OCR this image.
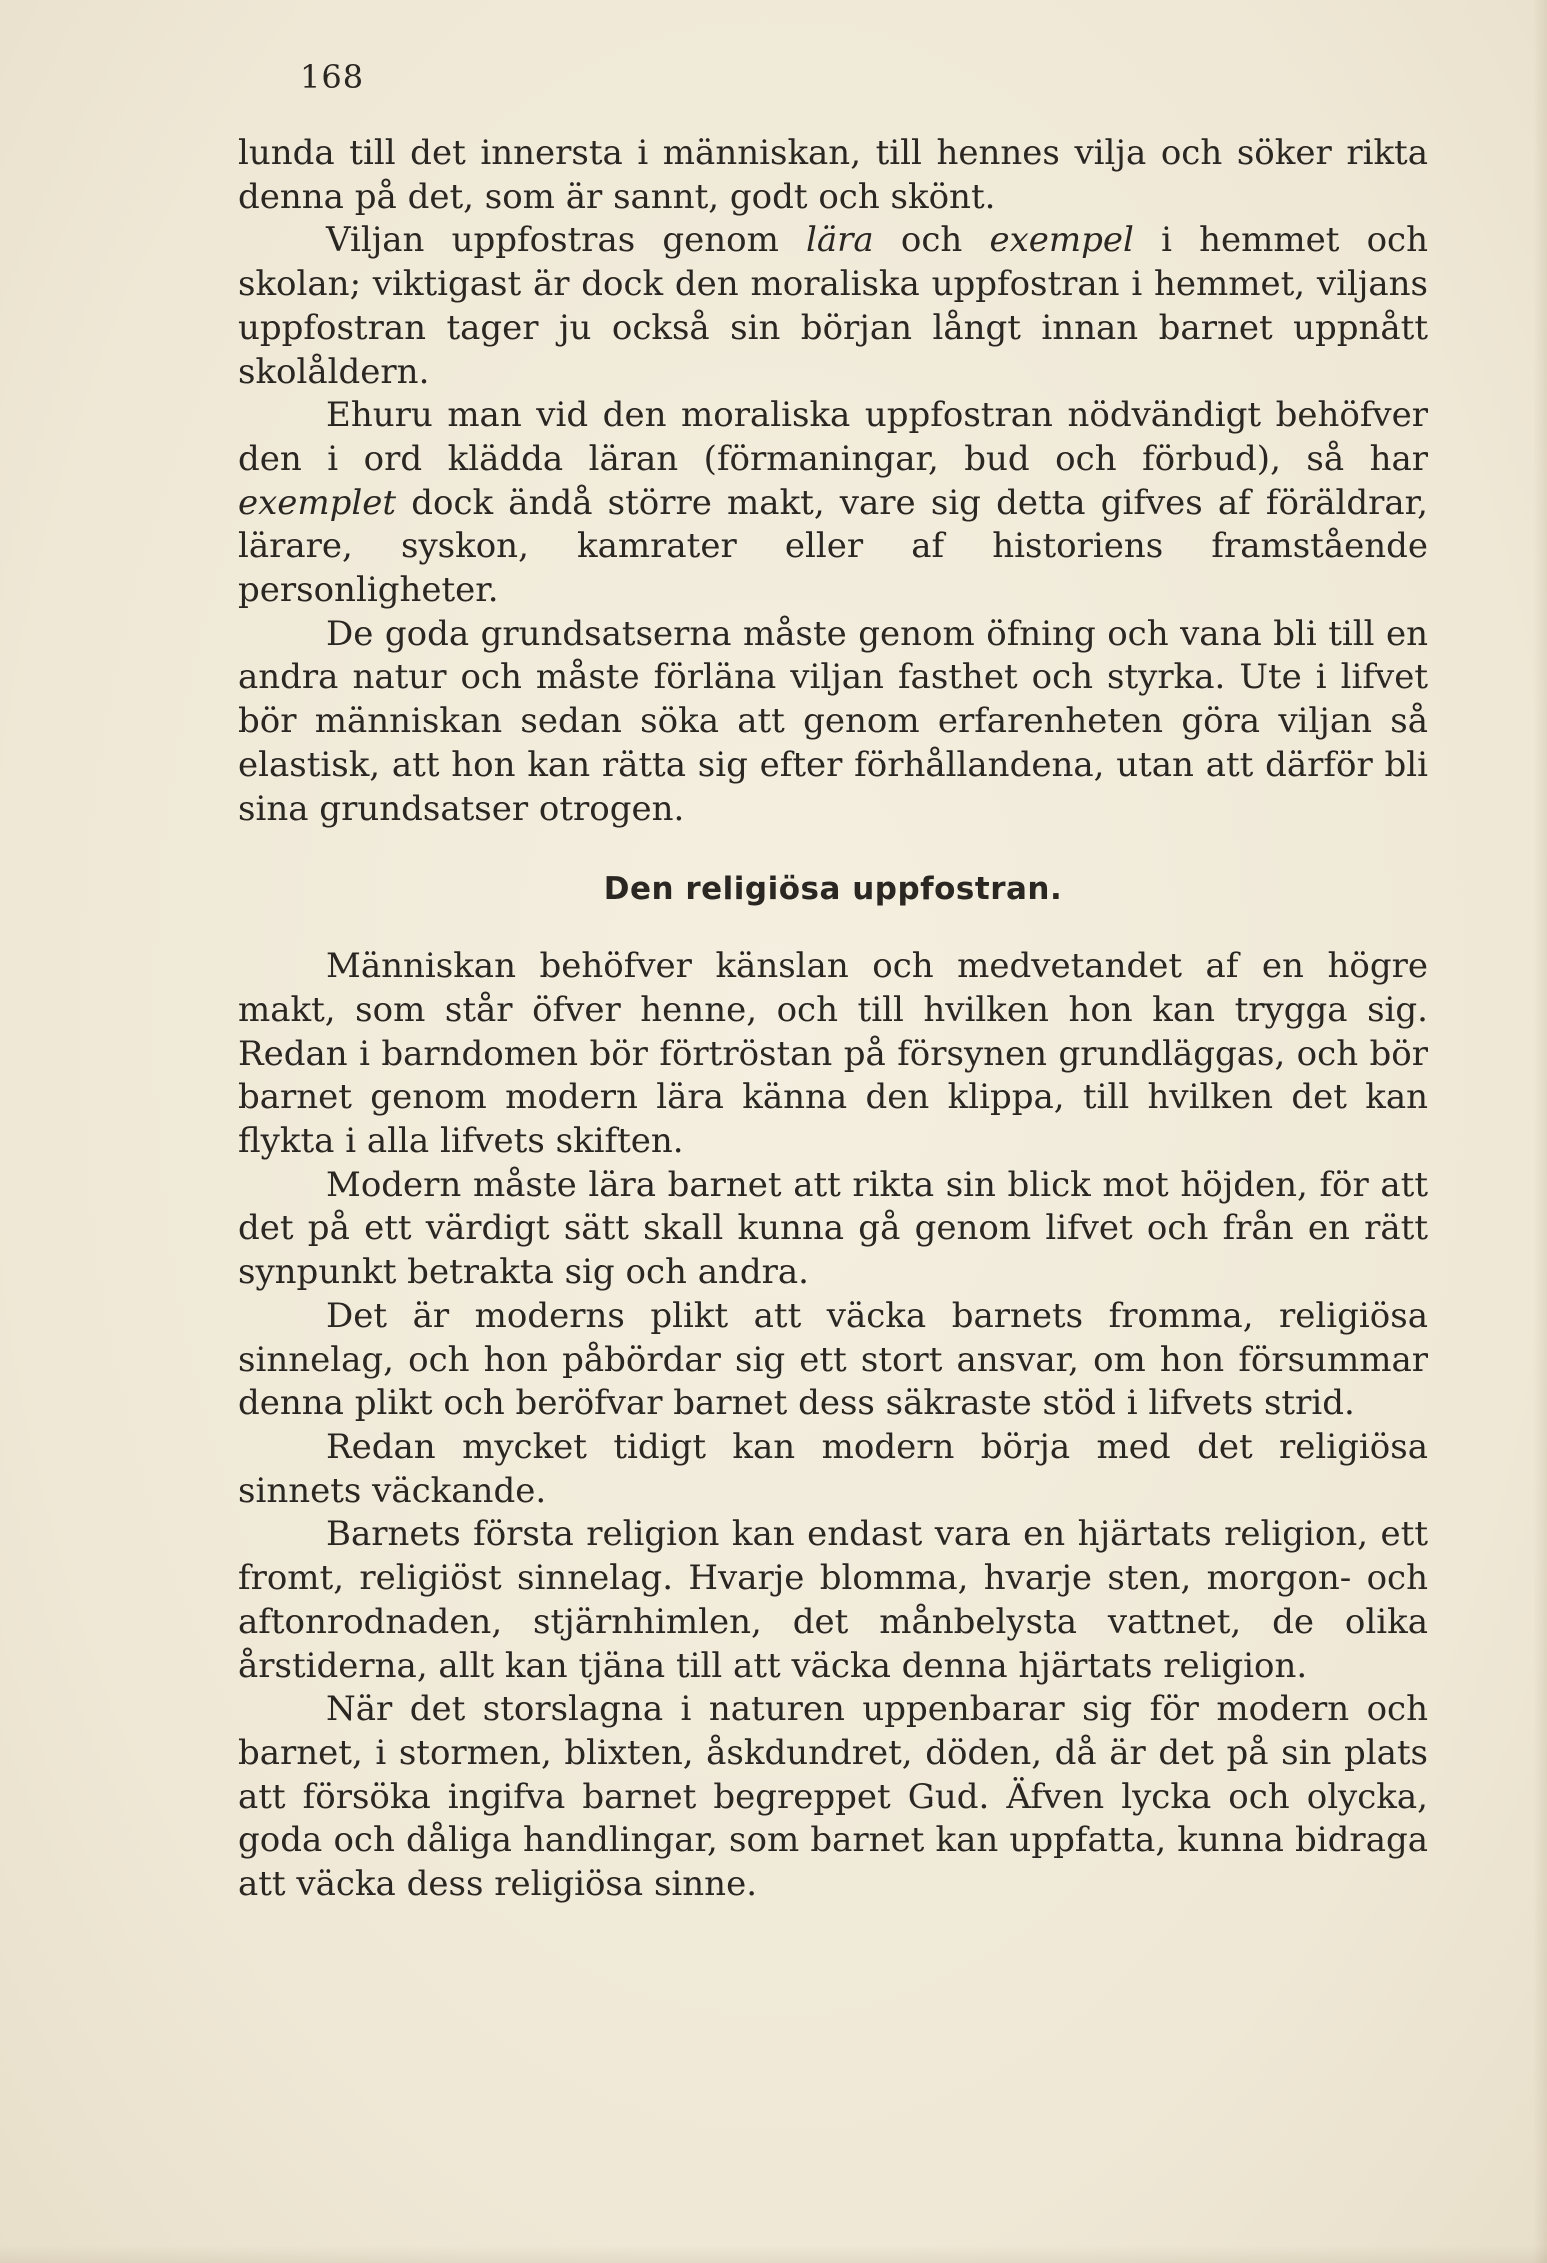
168

lunda till det innersta i människan, till hennes vilja och söker rikta denna på det, som är sannt, godt och skönt.

Viljan uppfostras genom lära och exempel i hemmet och skolan; viktigast är dock den moraliska uppfostran i hemmet, viljans uppfostran tager ju också sin början långt innan barnet uppnått skolåldern.

Ehuru man vid den moraliska uppfostran nödvändigt behöfver den i ord klädda läran (förmaningar, bud och förbud), så har exemplet dock ändå större makt, vare sig detta gifves af föräldrar, lärare, syskon, kamrater eller af historiens framstående personligheter.

De goda grundsatserna måste genom öfning och vana bli till en andra natur och måste förläna viljan fasthet och styrka. Ute i lifvet bör människan sedan söka att genom erfarenheten göra viljan så elastisk, att hon kan rätta sig efter förhållandena, utan att därför bli sina grundsatser otrogen.

Den religiösa uppfostran.

Människan behöfver känslan och medvetandet af en högre makt, som står öfver henne, och till hvilken hon kan trygga sig. Redan i barndomen bör förtröstan på försynen grundläggas, och bör barnet genom modern lära känna den klippa, till hvilken det kan flykta i alla lifvets skiften.

Modern måste lära barnet att rikta sin blick mot höjden, för att det på ett värdigt sätt skall kunna gå genom lifvet och från en rätt synpunkt betrakta sig och andra.

Det är moderns plikt att väcka barnets fromma, religiösa sinnelag, och hon påbördar sig ett stort ansvar, om hon försummar denna plikt och beröfvar barnet dess säkraste stöd i lifvets strid.

Redan mycket tidigt kan modern börja med det religiösa sinnets väckande.

Barnets första religion kan endast vara en hjärtats religion, ett fromt, religiöst sinnelag. Hvarje blomma, hvarje sten, morgon- och aftonrodnaden, stjärnhimlen, det månbelysta vattnet, de olika årstiderna, allt kan tjäna till att väcka denna hjärtats religion.

När det storslagna i naturen uppenbarar sig för modern och barnet, i stormen, blixten, åskdundret, döden, då är det på sin plats att försöka ingifva barnet begreppet Gud. Äfven lycka och olycka, goda och dåliga handlingar, som barnet kan uppfatta, kunna bidraga att väcka dess religiösa sinne.
